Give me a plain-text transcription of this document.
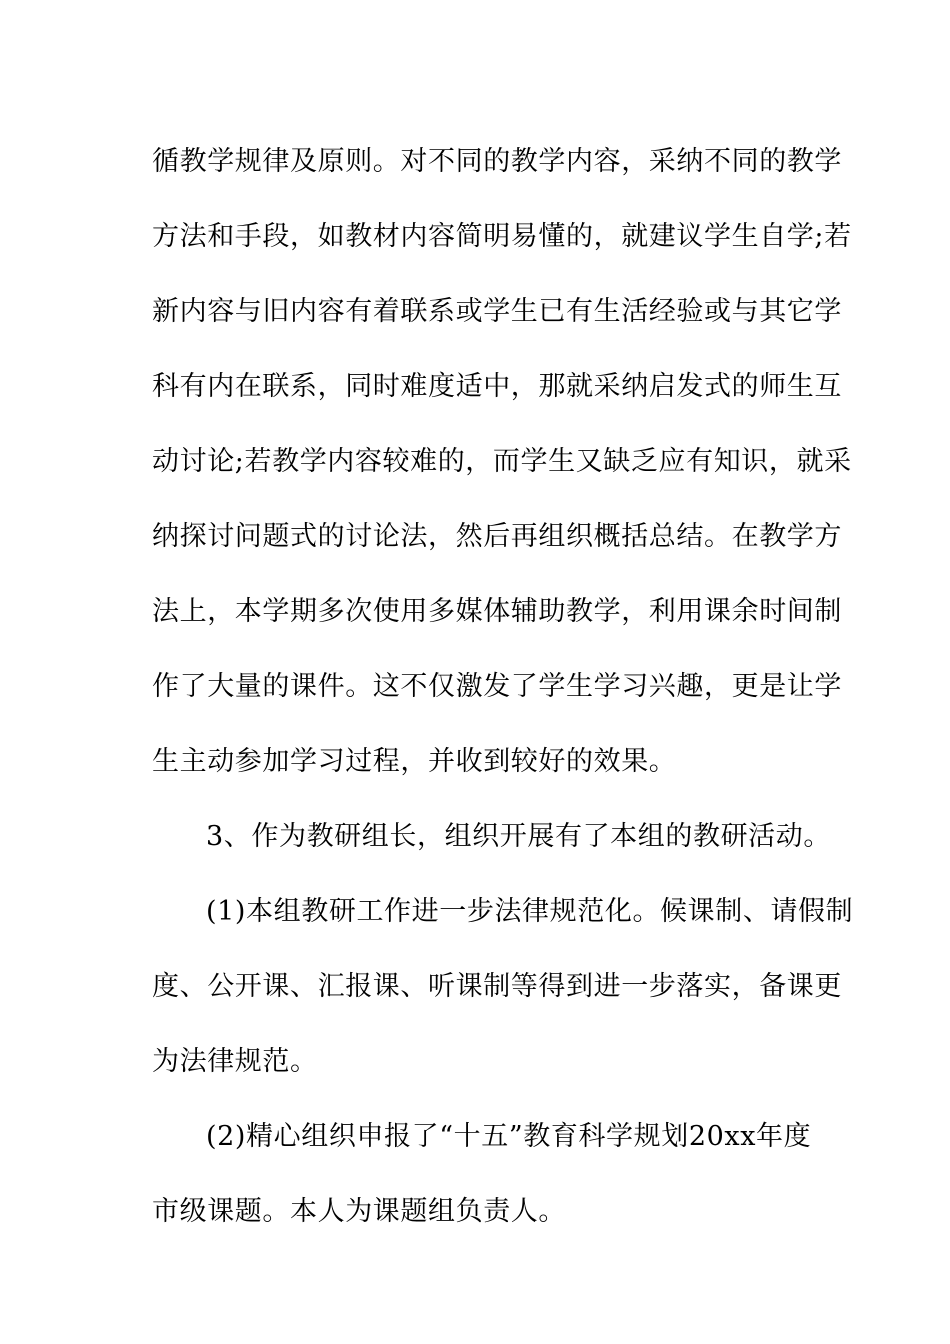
循教学规律及原则。对不同的教学内容，采纳不同的教学
方法和手段，如教材内容简明易懂的，就建议学生自学;若
新内容与旧内容有着联系或学生已有生活经验或与其它学
科有内在联系，同时难度适中，那就采纳启发式的师生互
动讨论;若教学内容较难的，而学生又缺乏应有知识，就采
纳探讨问题式的讨论法，然后再组织概括总结。在教学方
法上，本学期多次使用多媒体辅助教学，利用课余时间制
作了大量的课件。这不仅激发了学生学习兴趣，更是让学
生主动参加学习过程，并收到较好的效果。
3、作为教研组长，组织开展有了本组的教研活动。
(1)本组教研工作进一步法律规范化。候课制、请假制
度、公开课、汇报课、听课制等得到进一步落实，备课更
为法律规范。
(2)精心组织申报了“十五”教育科学规划20xx年度
市级课题。本人为课题组负责人。
